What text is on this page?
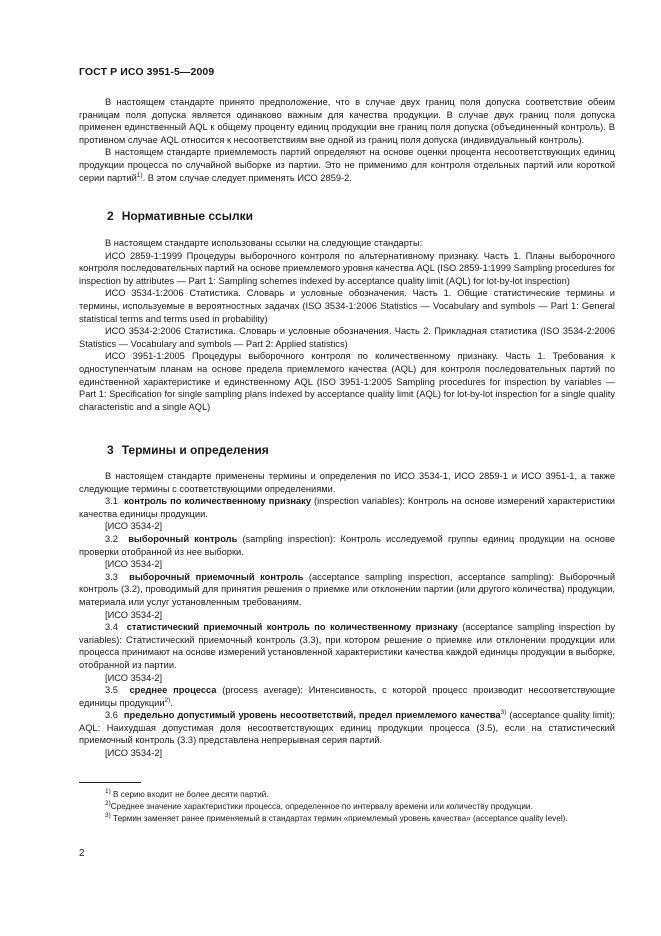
ГОСТ Р ИСО 3951-5—2009

В настоящем стандарте принято предположение, что в случае двух границ поля допуска соответствие обеим границам поля допуска является одинаково важным для качества продукции. В случае двух границ поля допуска применен единственный AQL к общему проценту единиц продукции вне границ поля допуска (объединенный контроль). В противном случае AQL относится к несоответствиям вне одной из границ поля допуска (индивидуальный контроль).

В настоящем стандарте приемлемость партий определяют на основе оценки процента несоответствующих единиц продукции процесса по случайной выборке из партии. Это не применимо для контроля отдельных партий или короткой серии партий$^{1)}$. В этом случае следует применять ИСО 2859-2.

2 Нормативные ссылки

В настоящем стандарте использованы ссылки на следующие стандарты:

ИСО 2859-1:1999 Процедуры выборочного контроля по альтернативному признаку. Часть 1. Планы выборочного контроля последовательных партий на основе приемлемого уровня качества AQL (ISO 2859-1:1999 Sampling procedures for inspection by attributes — Part 1: Sampling schemes indexed by acceptance quality limit (AQL) for lot-by-lot inspection)

ИСО 3534-1:2006 Статистика. Словарь и условные обозначения. Часть 1. Общие статистические термины и термины, используемые в вероятностных задачах (ISO 3534-1:2006 Statistics — Vocabulary and symbols — Part 1: General statistical terms and terms used in probability)

ИСО 3534-2:2006 Статистика. Словарь и условные обозначения. Часть 2. Прикладная статистика (ISO 3534-2:2006 Statistics — Vocabulary and symbols — Part 2: Applied statistics)

ИСО 3951-1:2005 Процедуры выборочного контроля по количественному признаку. Часть 1. Требования к одноступенчатым планам на основе предела приемлемого качества (AQL) для контроля последовательных партий по единственной характеристике и единственному AQL (ISO 3951-1:2005 Sampling procedures for inspection by variables — Part 1: Specification for single sampling plans indexed by acceptance quality limit (AQL) for lot-by-lot inspection for a single quality characteristic and a single AQL)

3 Термины и определения

В настоящем стандарте применены термины и определения по ИСО 3534-1, ИСО 2859-1 и ИСО 3951-1, а также следующие термины с соответствующими определениями.

3.1 контроль по количественному признаку (inspection variables): Контроль на основе измерений характеристики качества единицы продукции.

[ИСО 3534-2]

3.2 выборочный контроль (sampling inspection): Контроль исследуемой группы единиц продукции на основе проверки отобранной из нее выборки.

[ИСО 3534-2]

3.3 выборочный приемочный контроль (acceptance sampling inspection, acceptance sampling): Выборочный контроль (3.2), проводимый для принятия решения о приемке или отклонении партии (или другого количества) продукции, материала или услуг установленным требованиям.

[ИСО 3534-2]

3.4 статистический приемочный контроль по количественному признаку (acceptance sampling inspection by variables): Статистический приемочный контроль (3.3), при котором решение о приемке или отклонении продукции или процесса принимают на основе измерений установленной характеристики качества каждой единицы продукции в выборке, отобранной из партии.

[ИСО 3534-2]

3.5 среднее процесса (process average): Интенсивность, с которой процесс производит несоответствующие единицы продукции$^{2)}$.

3.6 предельно допустимый уровень несоответствий, предел приемлемого качества$^{3)}$ (acceptance quality limit); AQL: Наихудшая допустимая доля несоответствующих единиц продукции процесса (3.5), если на статистический приемочный контроль (3.3) представлена непрерывная серия партий.

[ИСО 3534-2]

$^{1)}$ В серию входит не более десяти партий.

$^{2)}$Среднее значение характеристики процесса, определенное по интервалу времени или количеству продукции.

$^{3)}$ Термин заменяет ранее применяемый в стандартах термин «приемлемый уровень качества» (acceptance quality level).

2
